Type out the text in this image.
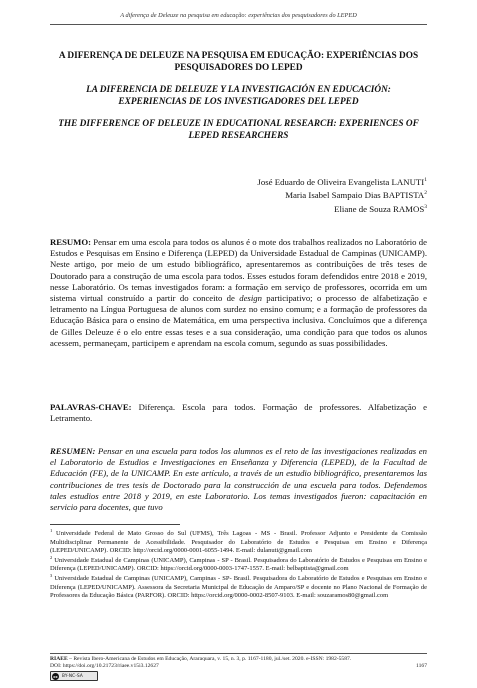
A diferença de Deleuze na pesquisa em educação: experiências dos pesquisadores do LEPED
A DIFERENÇA DE DELEUZE NA PESQUISA EM EDUCAÇÃO: EXPERIÊNCIAS DOS PESQUISADORES DO LEPED
LA DIFERENCIA DE DELEUZE Y LA INVESTIGACIÓN EN EDUCACIÓN: EXPERIENCIAS DE LOS INVESTIGADORES DEL LEPED
THE DIFFERENCE OF DELEUZE IN EDUCATIONAL RESEARCH: EXPERIENCES OF LEPED RESEARCHERS
José Eduardo de Oliveira Evangelista LANUTI$^1$
Maria Isabel Sampaio Dias BAPTISTA$^2$
Eliane de Souza RAMOS$^3$
RESUMO: Pensar em uma escola para todos os alunos é o mote dos trabalhos realizados no Laboratório de Estudos e Pesquisas em Ensino e Diferença (LEPED) da Universidade Estadual de Campinas (UNICAMP). Neste artigo, por meio de um estudo bibliográfico, apresentaremos as contribuições de três teses de Doutorado para a construção de uma escola para todos. Esses estudos foram defendidos entre 2018 e 2019, nesse Laboratório. Os temas investigados foram: a formação em serviço de professores, ocorrida em um sistema virtual construído a partir do conceito de design participativo; o processo de alfabetização e letramento na Língua Portuguesa de alunos com surdez no ensino comum; e a formação de professores da Educação Básica para o ensino de Matemática, em uma perspectiva inclusiva. Concluímos que a diferença de Gilles Deleuze é o elo entre essas teses e a sua consideração, uma condição para que todos os alunos acessem, permaneçam, participem e aprendam na escola comum, segundo as suas possibilidades.
PALAVRAS-CHAVE: Diferença. Escola para todos. Formação de professores. Alfabetização e Letramento.
RESUMEN: Pensar en una escuela para todos los alumnos es el reto de las investigaciones realizadas en el Laboratorio de Estudios e Investigaciones en Enseñanza y Diferencia (LEPED), de la Facultad de Educación (FE), de la UNICAMP. En este artículo, a través de un estudio bibliográfico, presentaremos las contribuciones de tres tesis de Doctorado para la construcción de una escuela para todos. Defendemos tales estudios entre 2018 y 2019, en este Laboratorio. Los temas investigados fueron: capacitación en servicio para docentes, que tuvo

$^1$ Universidade Federal de Mato Grosso do Sul (UFMS), Três Lagoas - MS - Brasil. Professor Adjunto e Presidente da Comissão Multidisciplinar Permanente de Acessibilidade. Pesquisador do Laboratório de Estudos e Pesquisas em Ensino e Diferença (LEPED/UNICAMP). ORCID: http://orcid.org/0000-0001-6055-1494. E-mail: dulanuti@gmail.com

$^2$ Universidade Estadual de Campinas (UNICAMP), Campinas - SP - Brasil. Pesquisadora do Laboratório de Estudos e Pesquisas em Ensino e Diferença (LEPED/UNICAMP). ORCID: https://orcid.org/0000-0003-1747-1557. E-mail: belbaptista@gmail.com

$^3$ Universidade Estadual de Campinas (UNICAMP), Campinas - SP- Brasil. Pesquisadora do Laboratório de Estudos e Pesquisas em Ensino e Diferença (LEPED/UNICAMP). Assessora da Secretaria Municipal de Educação de Amparo/SP e docente no Plano Nacional de Formação de Professores da Educação Básica (PARFOR). ORCID: https://orcid.org/0000-0002-8507-9103. E-mail: souzaramos80@gmail.com

RIAEE – Revista Ibero-Americana de Estudos em Educação, Araraquara, v. 15, n. 3, p. 1167-1180, jul./set. 2020. e-ISSN: 1982-5587.
DOI: https://doi.org/10.21723/riaee.v15i3.12627	1167
cc BY-NC-SA
